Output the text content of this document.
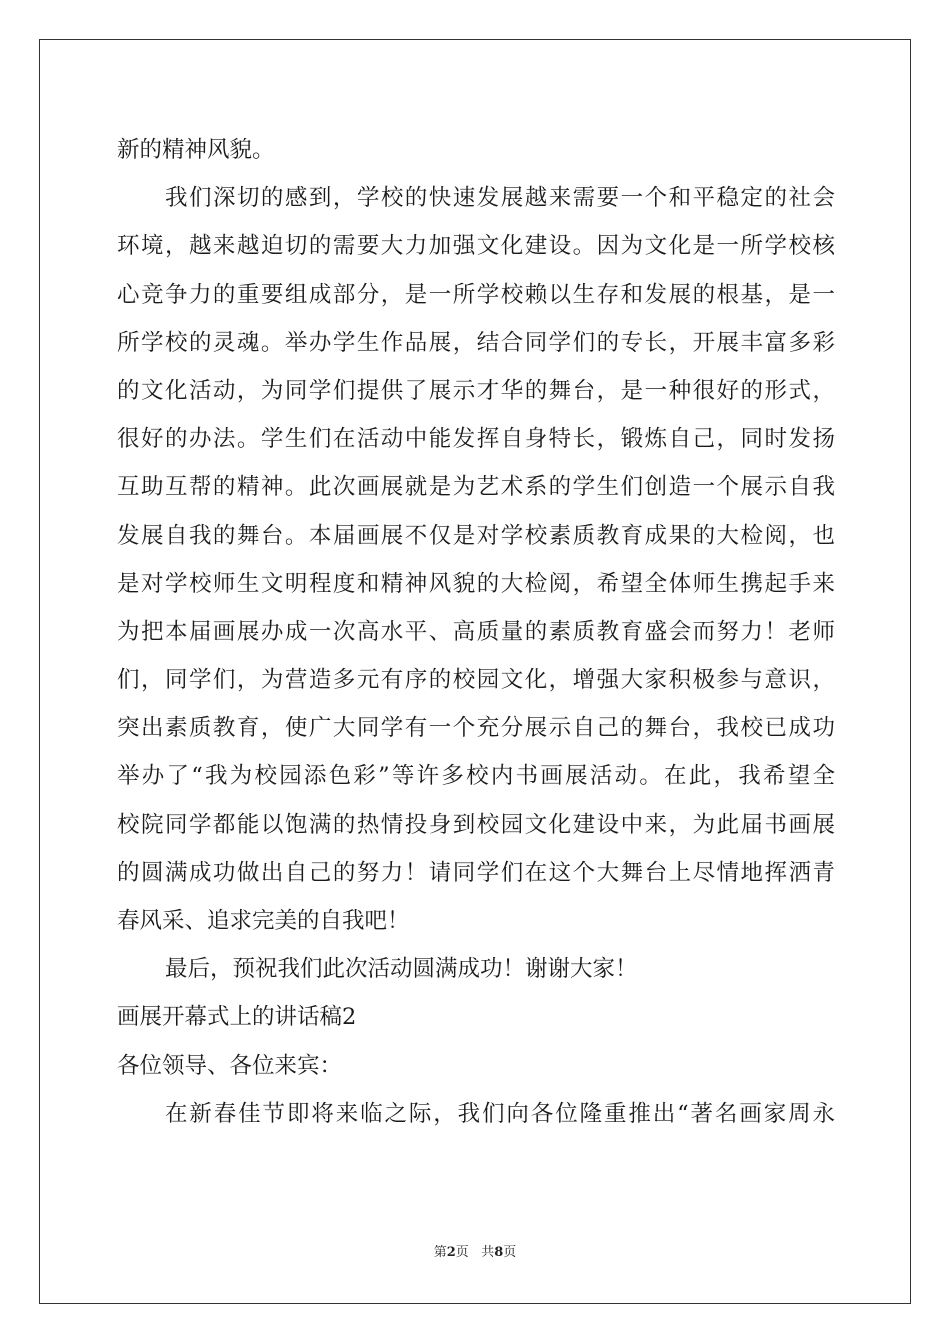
新的精神风貌。
我们深切的感到，学校的快速发展越来需要一个和平稳定的社会
环境，越来越迫切的需要大力加强文化建设。因为文化是一所学校核
心竞争力的重要组成部分，是一所学校赖以生存和发展的根基，是一
所学校的灵魂。举办学生作品展，结合同学们的专长，开展丰富多彩
的文化活动，为同学们提供了展示才华的舞台，是一种很好的形式，
很好的办法。学生们在活动中能发挥自身特长，锻炼自己，同时发扬
互助互帮的精神。此次画展就是为艺术系的学生们创造一个展示自我
发展自我的舞台。本届画展不仅是对学校素质教育成果的大检阅，也
是对学校师生文明程度和精神风貌的大检阅，希望全体师生携起手来
为把本届画展办成一次高水平、高质量的素质教育盛会而努力！老师
们，同学们，为营造多元有序的校园文化，增强大家积极参与意识，
突出素质教育，使广大同学有一个充分展示自己的舞台，我校已成功
举办了“我为校园添色彩”等许多校内书画展活动。在此，我希望全
校院同学都能以饱满的热情投身到校园文化建设中来，为此届书画展
的圆满成功做出自己的努力！请同学们在这个大舞台上尽情地挥洒青
春风采、追求完美的自我吧！
最后，预祝我们此次活动圆满成功！谢谢大家！
画展开幕式上的讲话稿2
各位领导、各位来宾：
在新春佳节即将来临之际，我们向各位隆重推出“著名画家周永
第2页 共8页
